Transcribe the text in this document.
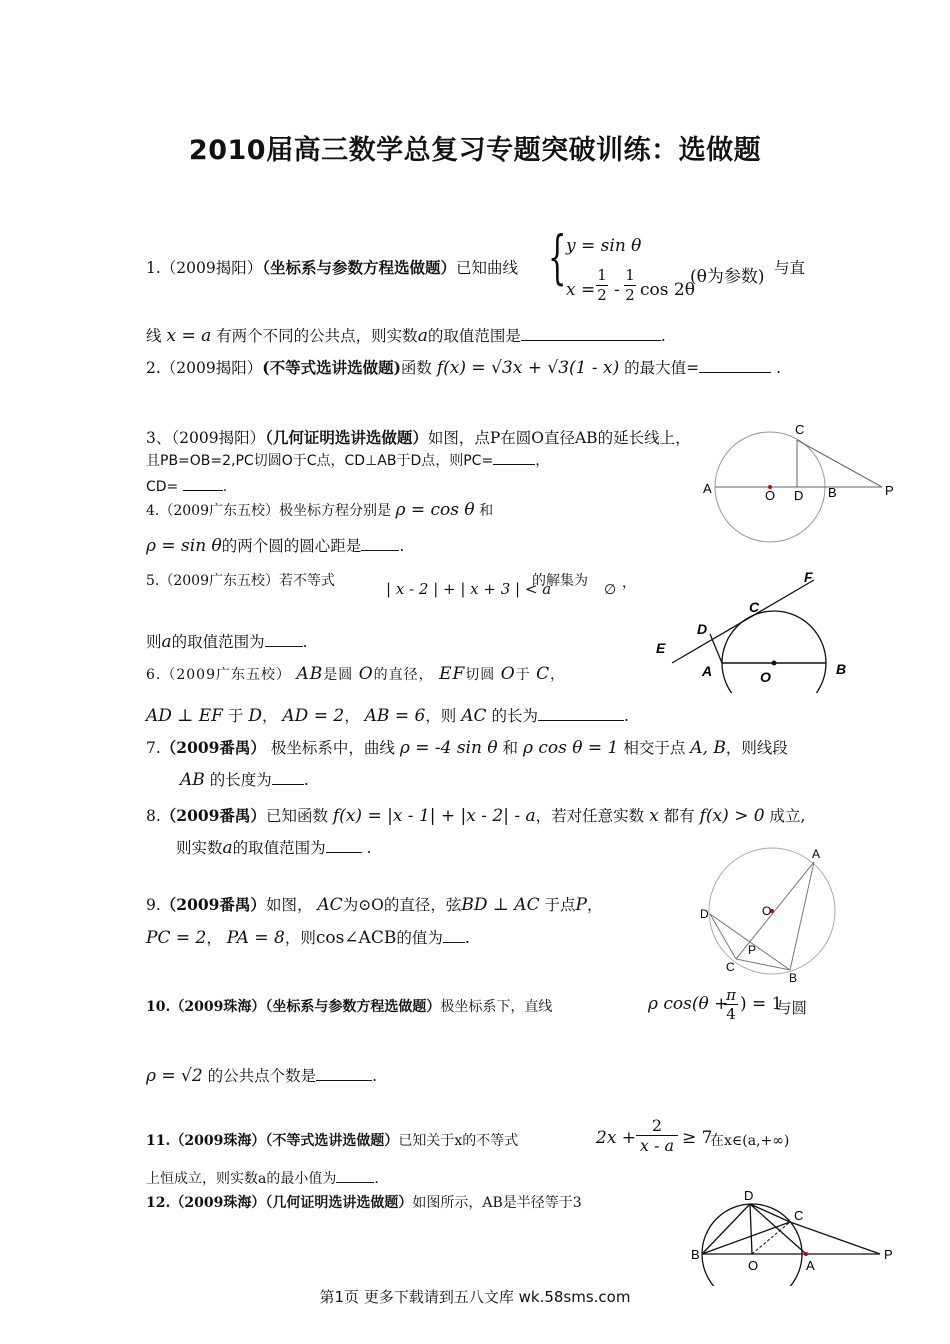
2010届高三数学总复习专题突破训练：选做题
1.（2009揭阳）（坐标系与参数方程选做题）已知曲线 { y = sin θ
$x = \frac{1}{2} - \frac{1}{2}$ cos 2θ
(θ为参数) 与直
线 x = a 有两个不同的公共点，则实数a的取值范围是	.
2.（2009揭阳）(不等式选讲选做题)函数 f(x) = √3x + √3(1 - x) 的最大值=	.
3、（2009揭阳）（几何证明选讲选做题）如图，点P在圆O直径AB的延长线上，
且PB=OB=2,PC切圆O于C点，CD⊥AB于D点，则PC=	，
CD=	.
C
A	O D B	P
4.（2009广东五校）极坐标方程分别是 ρ = cos θ 和
ρ = sin θ的两个圆的圆心距是 .
5.（2009广东五校）若不等式	| x - 2 | + | x + 3 | < a
的解集为
∅ ，
则a的取值范围为 .
F
C
D
E
A	O	B
6.（2009广东五校） AB是圆 O的直径， EF切圆 O于 C，
AD ⊥ EF 于 D， AD = 2， AB = 6，则 AC 的长为	.
7.（2009番禺） 极坐标系中，曲线 ρ = -4 sin θ 和 ρ cos θ = 1 相交于点 A, B，则线段
AB 的长度为 .
8.（2009番禺）已知函数 f(x) = |x - 1| + |x - 2| - a，若对任意实数 x 都有 f(x) > 0 成立,
则实数a的取值范围为	.
9.（2009番禺）如图， AC为⊙O的直径，弦BD ⊥ AC 于点P，
PC = 2， PA = 8，则cos∠ACB的值为 .
A
O
D
P
C
B
10.（2009珠海）（坐标系与参数方程选做题）极坐标系下，直线	ρ cos(θ +
π
4 ) = 1
与圆
ρ = √2 的公共点个数是	.
11.（2009珠海）（不等式选讲选做题）已知关于x的不等式	$2x + \frac{2}{x - a} \ge 7$
在x∈(a,+∞)
上恒成立，则实数a的最小值为	.
12.（2009珠海）（几何证明选讲选做题）如图所示，AB是半径等于3	D
C
B
O	A
P
第1页 更多下载请到五八文库 wk.58sms.com
